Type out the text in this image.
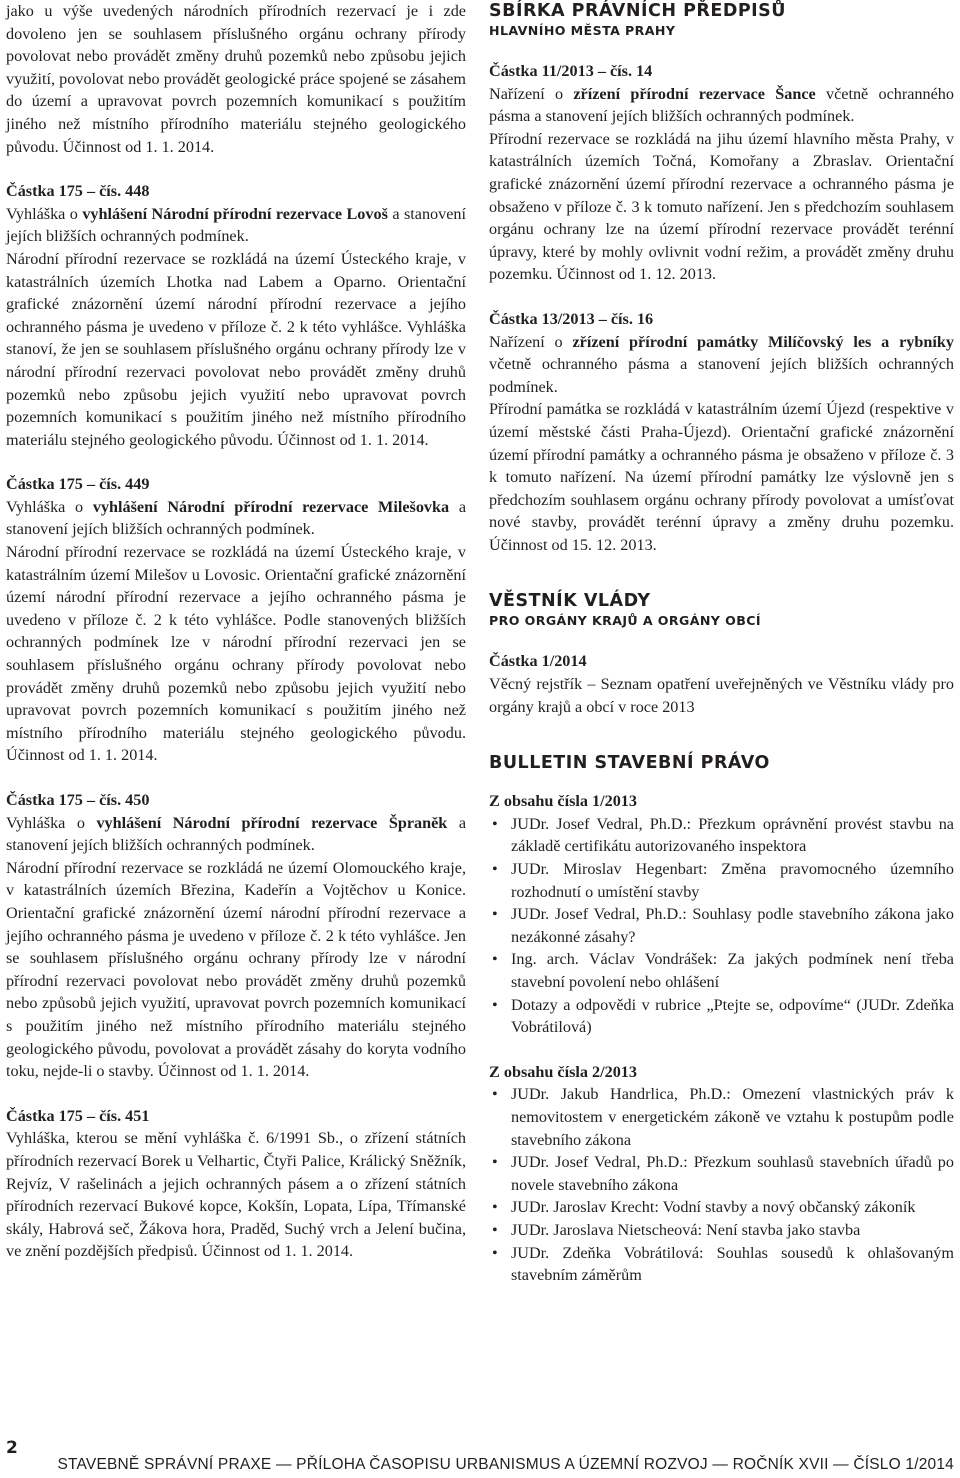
jako u výše uvedených národních přírodních rezervací je i zde dovoleno jen se souhlasem příslušného orgánu ochrany přírody povolovat nebo provádět změny druhů pozemků nebo způsobu jejich využití, povolovat nebo provádět geologické práce spojené se zásahem do území a upravovat povrch pozemních komunikací s použitím jiného než místního přírodního materiálu stejného geologického původu. Účinnost od 1. 1. 2014.

Částka 175 – čís. 448

Vyhláška o vyhlášení Národní přírodní rezervace Lovoš a stanovení jejích bližších ochranných podmínek.

Národní přírodní rezervace se rozkládá na území Ústeckého kraje, v katastrálních územích Lhotka nad Labem a Oparno. Orientační grafické znázornění území národní přírodní rezervace a jejího ochranného pásma je uvedeno v příloze č. 2 k této vyhlášce. Vyhláška stanoví, že jen se souhlasem příslušného orgánu ochrany přírody lze v národní přírodní rezervaci povolovat nebo provádět změny druhů pozemků nebo způsobu jejich využití nebo upravovat povrch pozemních komunikací s použitím jiného než místního přírodního materiálu stejného geologického původu. Účinnost od 1. 1. 2014.

Částka 175 – čís. 449

Vyhláška o vyhlášení Národní přírodní rezervace Milešovka a stanovení jejích bližších ochranných podmínek.

Národní přírodní rezervace se rozkládá na území Ústeckého kraje, v katastrálním území Milešov u Lovosic. Orientační grafické znázornění území národní přírodní rezervace a jejího ochranného pásma je uvedeno v příloze č. 2 k této vyhlášce. Podle stanovených bližších ochranných podmínek lze v národní přírodní rezervaci jen se souhlasem příslušného orgánu ochrany přírody povolovat nebo provádět změny druhů pozemků nebo způsobu jejich využití nebo upravovat povrch pozemních komunikací s použitím jiného než místního přírodního materiálu stejného geologického původu. Účinnost od 1. 1. 2014.

Částka 175 – čís. 450

Vyhláška o vyhlášení Národní přírodní rezervace Špraněk a stanovení jejích bližších ochranných podmínek.

Národní přírodní rezervace se rozkládá ne území Olomouckého kraje, v katastrálních územích Březina, Kadeřín a Vojtěchov u Konice. Orientační grafické znázornění území národní přírodní rezervace a jejího ochranného pásma je uvedeno v příloze č. 2 k této vyhlášce. Jen se souhlasem příslušného orgánu ochrany přírody lze v národní přírodní rezervaci povolovat nebo provádět změny druhů pozemků nebo způsobů jejich využití, upravovat povrch pozemních komunikací s použitím jiného než místního přírodního materiálu stejného geologického původu, povolovat a provádět zásahy do koryta vodního toku, nejde-li o stavby. Účinnost od 1. 1. 2014.

Částka 175 – čís. 451

Vyhláška, kterou se mění vyhláška č. 6/1991 Sb., o zřízení státních přírodních rezervací Borek u Velhartic, Čtyři Palice, Králický Sněžník, Rejvíz, V rašelinách a jejich ochranných pásem a o zřízení státních přírodních rezervací Bukové kopce, Kokšín, Lopata, Lípa, Třímanské skály, Habrová seč, Žákova hora, Praděd, Suchý vrch a Jelení bučina, ve znění pozdějších předpisů. Účinnost od 1. 1. 2014.

SBÍRKA PRÁVNÍCH PŘEDPISŮ
HLAVNÍHO MĚSTA PRAHY

Částka 11/2013 – čís. 14

Nařízení o zřízení přírodní rezervace Šance včetně ochranného pásma a stanovení jejích bližších ochranných podmínek.

Přírodní rezervace se rozkládá na jihu území hlavního města Prahy, v katastrálních územích Točná, Komořany a Zbraslav. Orientační grafické znázornění území přírodní rezervace a ochranného pásma je obsaženo v příloze č. 3 k tomuto nařízení. Jen s předchozím souhlasem orgánu ochrany lze na území přírodní rezervace provádět terénní úpravy, které by mohly ovlivnit vodní režim, a provádět změny druhu pozemku. Účinnost od 1. 12. 2013.

Částka 13/2013 – čís. 16

Nařízení o zřízení přírodní památky Milíčovský les a rybníky včetně ochranného pásma a stanovení jejích bližších ochranných podmínek.

Přírodní památka se rozkládá v katastrálním území Újezd (respektive v území městské části Praha-Újezd). Orientační grafické znázornění území přírodní památky a ochranného pásma je obsaženo v příloze č. 3 k tomuto nařízení. Na území přírodní památky lze výslovně jen s předchozím souhlasem orgánu ochrany přírody povolovat a umísťovat nové stavby, provádět terénní úpravy a změny druhu pozemku. Účinnost od 15. 12. 2013.

VĚSTNÍK VLÁDY
PRO ORGÁNY KRAJŮ A ORGÁNY OBCÍ

Částka 1/2014

Věcný rejstřík – Seznam opatření uveřejněných ve Věstníku vlády pro orgány krajů a obcí v roce 2013

BULLETIN STAVEBNÍ PRÁVO

Z obsahu čísla 1/2013

• JUDr. Josef Vedral, Ph.D.: Přezkum oprávnění provést stavbu na základě certifikátu autorizovaného inspektora
• JUDr. Miroslav Hegenbart: Změna pravomocného územního rozhodnutí o umístění stavby
• JUDr. Josef Vedral, Ph.D.: Souhlasy podle stavebního zákona jako nezákonné zásahy?
• Ing. arch. Václav Vondrášek: Za jakých podmínek není třeba stavební povolení nebo ohlášení
• Dotazy a odpovědi v rubrice „Ptejte se, odpovíme“ (JUDr. Zdeňka Vobrátilová)

Z obsahu čísla 2/2013

• JUDr. Jakub Handrlica, Ph.D.: Omezení vlastnických práv k nemovitostem v energetickém zákoně ve vztahu k postupům podle stavebního zákona
• JUDr. Josef Vedral, Ph.D.: Přezkum souhlasů stavebních úřadů po novele stavebního zákona
• JUDr. Jaroslav Krecht: Vodní stavby a nový občanský zákoník
• JUDr. Jaroslava Nietscheová: Není stavba jako stavba
• JUDr. Zdeňka Vobrátilová: Souhlas sousedů k ohlašovaným stavebním záměrům
2
STAVEBNĚ SPRÁVNÍ PRAXE — PŘÍLOHA ČASOPISU URBANISMUS A ÚZEMNÍ ROZVOJ — ROČNÍK XVII — ČÍSLO 1/2014
